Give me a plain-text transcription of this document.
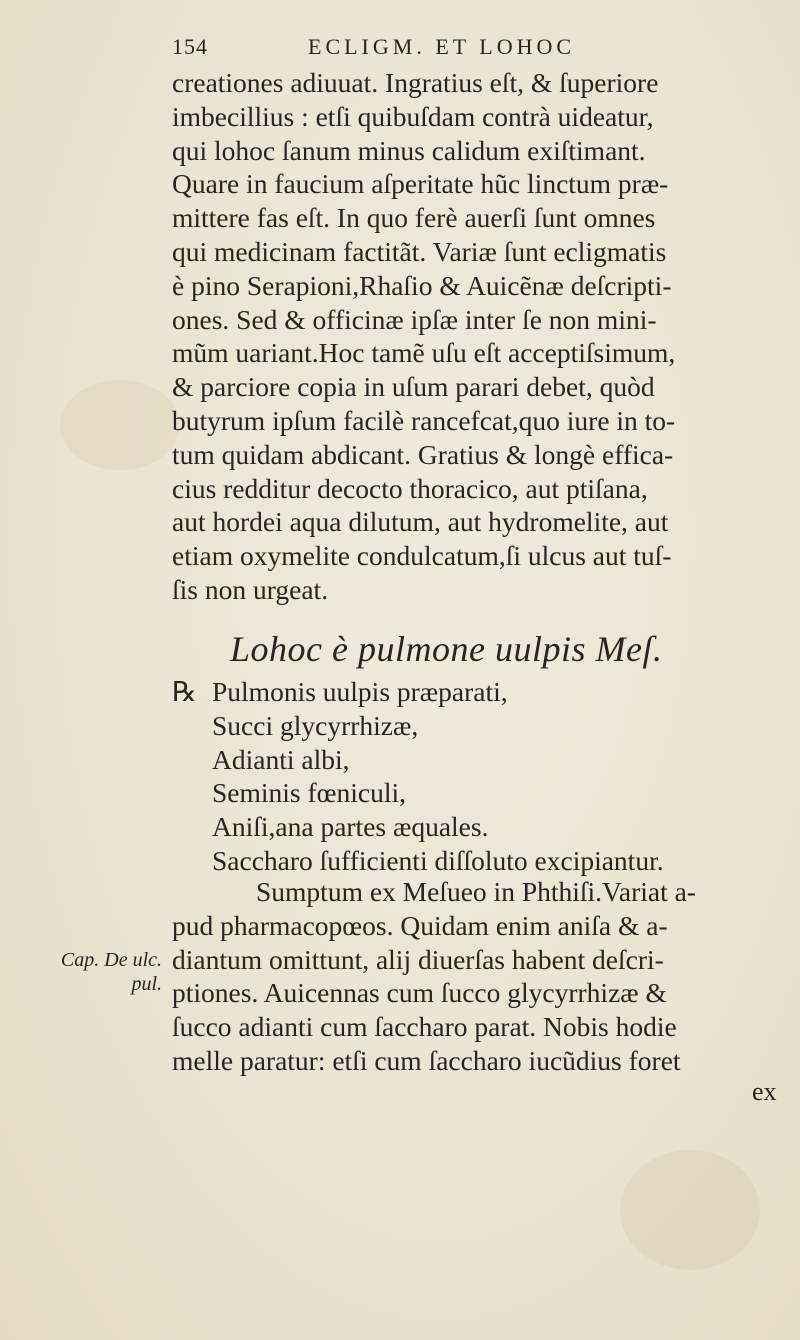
154	ECLIGM. ET LOHOC
creationes adiuuat. Ingratius eſt, & ſuperiore
imbecillius : etſi quibuſdam contrà uideatur,
qui lohoc ſanum minus calidum exiſtimant.
Quare in faucium aſperitate hũc linctum præ-
mittere fas eſt. In quo ferè auerſi ſunt omnes
qui medicinam factitãt. Variæ ſunt ecligmatis
è pino Serapioni,Rhaſio & Auicẽnæ deſcripti-
ones. Sed & officinæ ipſæ inter ſe non mini-
mũm uariant.Hoc tamẽ uſu eſt acceptiſsimum,
& parciore copia in uſum parari debet, quòd
butyrum ipſum facilè rancefcat,quo iure in to-
tum quidam abdicant. Gratius & longè effica-
cius redditur decocto thoracico, aut ptiſana,
aut hordei aqua dilutum, aut hydromelite, aut
etiam oxymelite condulcatum,ſi ulcus aut tuſ-
ſis non urgeat.
Lohoc è pulmone uulpis Meſ.
℞ Pulmonis uulpis præparati,
Succi glycyrrhizæ,
Adianti albi,
Seminis fœniculi,
Aniſi,ana partes æquales.
Saccharo ſufficienti diſſoluto excipiantur.
Sumptum ex Meſueo in Phthiſi.Variat a-
pud pharmacopœos. Quidam enim aniſa & a-
diantum omittunt, alij diuerſas habent deſcri-
ptiones. Auicennas cum ſucco glycyrrhizæ &
ſucco adianti cum ſaccharo parat. Nobis hodie
melle paratur: etſi cum ſaccharo iucũdius foret
Cap. De ulc.
pul.
ex
